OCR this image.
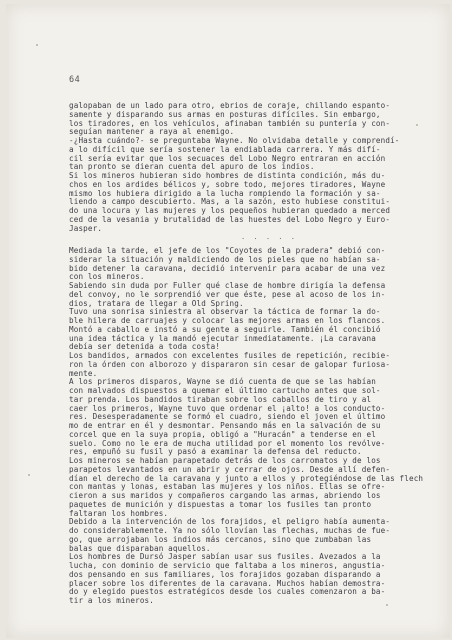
64
galopaban de un lado para otro, ebrios de coraje, chillando espanto-
samente y disparando sus armas en posturas difíciles. Sin embargo,
los tiradores, en los vehículos, afinaban también su puntería y con-
seguían mantener a raya al enemigo.
-¿Hasta cuándo?- se preguntaba Wayne. No olvidaba detalle y comprendí-
a lo difícil que sería sostener la endiablada carrera. Y más difí-
cil sería evitar que los secuaces del Lobo Negro entraran en acción
tan pronto se dieran cuenta del apuro de los indios.
Si los mineros hubieran sido hombres de distinta condición, más du-
chos en los ardides bélicos y, sobre todo, mejores tiradores, Wayne
mismo los hubiera dirigido a la lucha rompiendo la formación y sa-
liendo a campo descubierto. Mas, a la sazón, esto hubiese constitui-
do una locura y las mujeres y los pequeños hubieran quedado a merced
ced de la vesania y brutalidad de las huestes del Lobo Negro y Euro-
Jasper.
Mediada la tarde, el jefe de los "Coyotes de la pradera" debió con-
siderar la situación y maldiciendo de los pieles que no habían sa-
bido detener la caravana, decidió intervenir para acabar de una vez
con los mineros.
Sabiendo sin duda por Fuller qué clase de hombre dirigía la defensa
del convoy, no le sorprendió ver que éste, pese al acoso de los in-
dios, tratara de llegar a Old Spring.
Tuvo una sonrisa siniestra al observar la táctica de formar la do-
ble hilera de carruajes y colocar las mejores armas en los flancos.
Montó a caballo e instó a su gente a seguirle. También él concibió
una idea táctica y la mandó ejecutar inmediatamente. ¡La caravana
debía ser detenida a toda costa!
Los bandidos, armados con excelentes fusiles de repetición, recibie-
ron la órden con alborozo y dispararon sin cesar de galopar furiosa-
mente.
A los primeros disparos, Wayne se dió cuenta de que se las habían
con malvados dispuestos a quemar el último cartucho antes que sol-
tar prenda. Los bandidos tiraban sobre los caballos de tiro y al
caer los primeros, Wayne tuvo que ordenar el ¡alto! a los conducto-
res. Desesperadamente se formó el cuadro, siendo el joven el último
mo de entrar en él y desmontar. Pensando más en la salvación de su
corcel que en la suya propia, obligó a "Huracán" a tenderse en el
suelo. Como no le era de mucha utilidad por el momento los revólve-
res, empuñó su fusil y pasó a examinar la defensa del reducto.
Los mineros se habían parapetado detrás de los carromatos y de los
parapetos levantados en un abrir y cerrar de ojos. Desde allí defen-
dían el derecho de la caravana y junto a ellos y protegiéndose de las flech
con mantas y lonas, estaban las mujeres y los niños. Ellas se ofre-
cieron a sus maridos y compañeros cargando las armas, abriendo los
paquetes de munición y dispuestas a tomar los fusiles tan pronto
faltaran los hombres.
Debido a la intervención de los forajidos, el peligro había aumenta-
do considerablemente. Ya no sólo llovían las flechas, muchas de fue-
go, que arrojaban los indios más cercanos, sino que zumbaban las
balas que disparaban aquellos.
Los hombres de Dursó Jasper sabían usar sus fusiles. Avezados a la
lucha, con dominio de servicio que faltaba a los mineros, angustia-
dos pensando en sus familiares, los forajidos gozaban disparando a
placer sobre los diferentes de la caravana. Muchos habían demostra-
do y elegido puestos estratégicos desde los cuales comenzaron a ba-
tir a los mineros.
. . . . .
